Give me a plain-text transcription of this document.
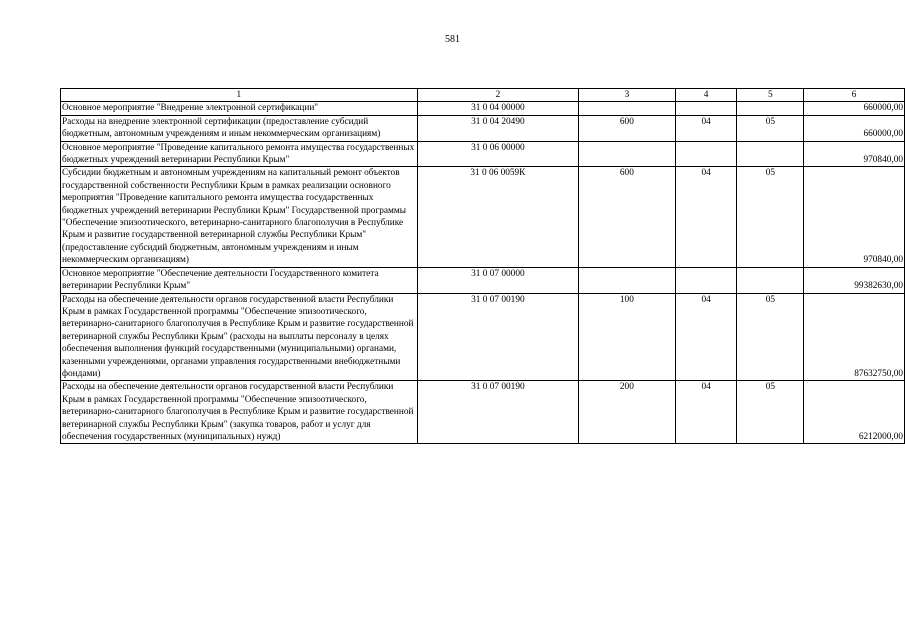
581
1	2	3	4	5	6
Основное мероприятие "Внедрение электронной сертификации"	31 0 04 00000				660000,00
Расходы на внедрение электронной сертификации (предоставление субсидий бюджетным, автономным учреждениям и иным некоммерческим организациям)	31 0 04 20490	600	04	05	660000,00
Основное мероприятие "Проведение капитального ремонта имущества государственных бюджетных учреждений ветеринарии Республики Крым"	31 0 06 00000				970840,00
Субсидии бюджетным и автономным учреждениям на капитальный ремонт объектов государственной собственности Республики Крым в рамках реализации основного мероприятия "Проведение капитального ремонта имущества государственных бюджетных учреждений ветеринарии Республики Крым" Государственной программы "Обеспечение эпизоотического, ветеринарно-санитарного благополучия в Республике Крым и развитие государственной ветеринарной службы Республики Крым" (предоставление субсидий бюджетным, автономным учреждениям и иным некоммерческим организациям)	31 0 06 0059К	600	04	05	970840,00
Основное мероприятие "Обеспечение деятельности Государственного комитета ветеринарии Республики Крым"	31 0 07 00000				99382630,00
Расходы на обеспечение деятельности органов государственной власти Республики Крым в рамках Государственной программы "Обеспечение эпизоотического, ветеринарно-санитарного благополучия в Республике Крым и развитие государственной ветеринарной службы Республики Крым" (расходы на выплаты персоналу в целях обеспечения выполнения функций государственными (муниципальными) органами, казенными учреждениями, органами управления государственными внебюджетными фондами)	31 0 07 00190	100	04	05	87632750,00
Расходы на обеспечение деятельности органов государственной власти Республики Крым в рамках Государственной программы "Обеспечение эпизоотического, ветеринарно-санитарного благополучия в Республике Крым и развитие государственной ветеринарной службы Республики Крым" (закупка товаров, работ и услуг для обеспечения государственных (муниципальных) нужд)	31 0 07 00190	200	04	05	6212000,00
